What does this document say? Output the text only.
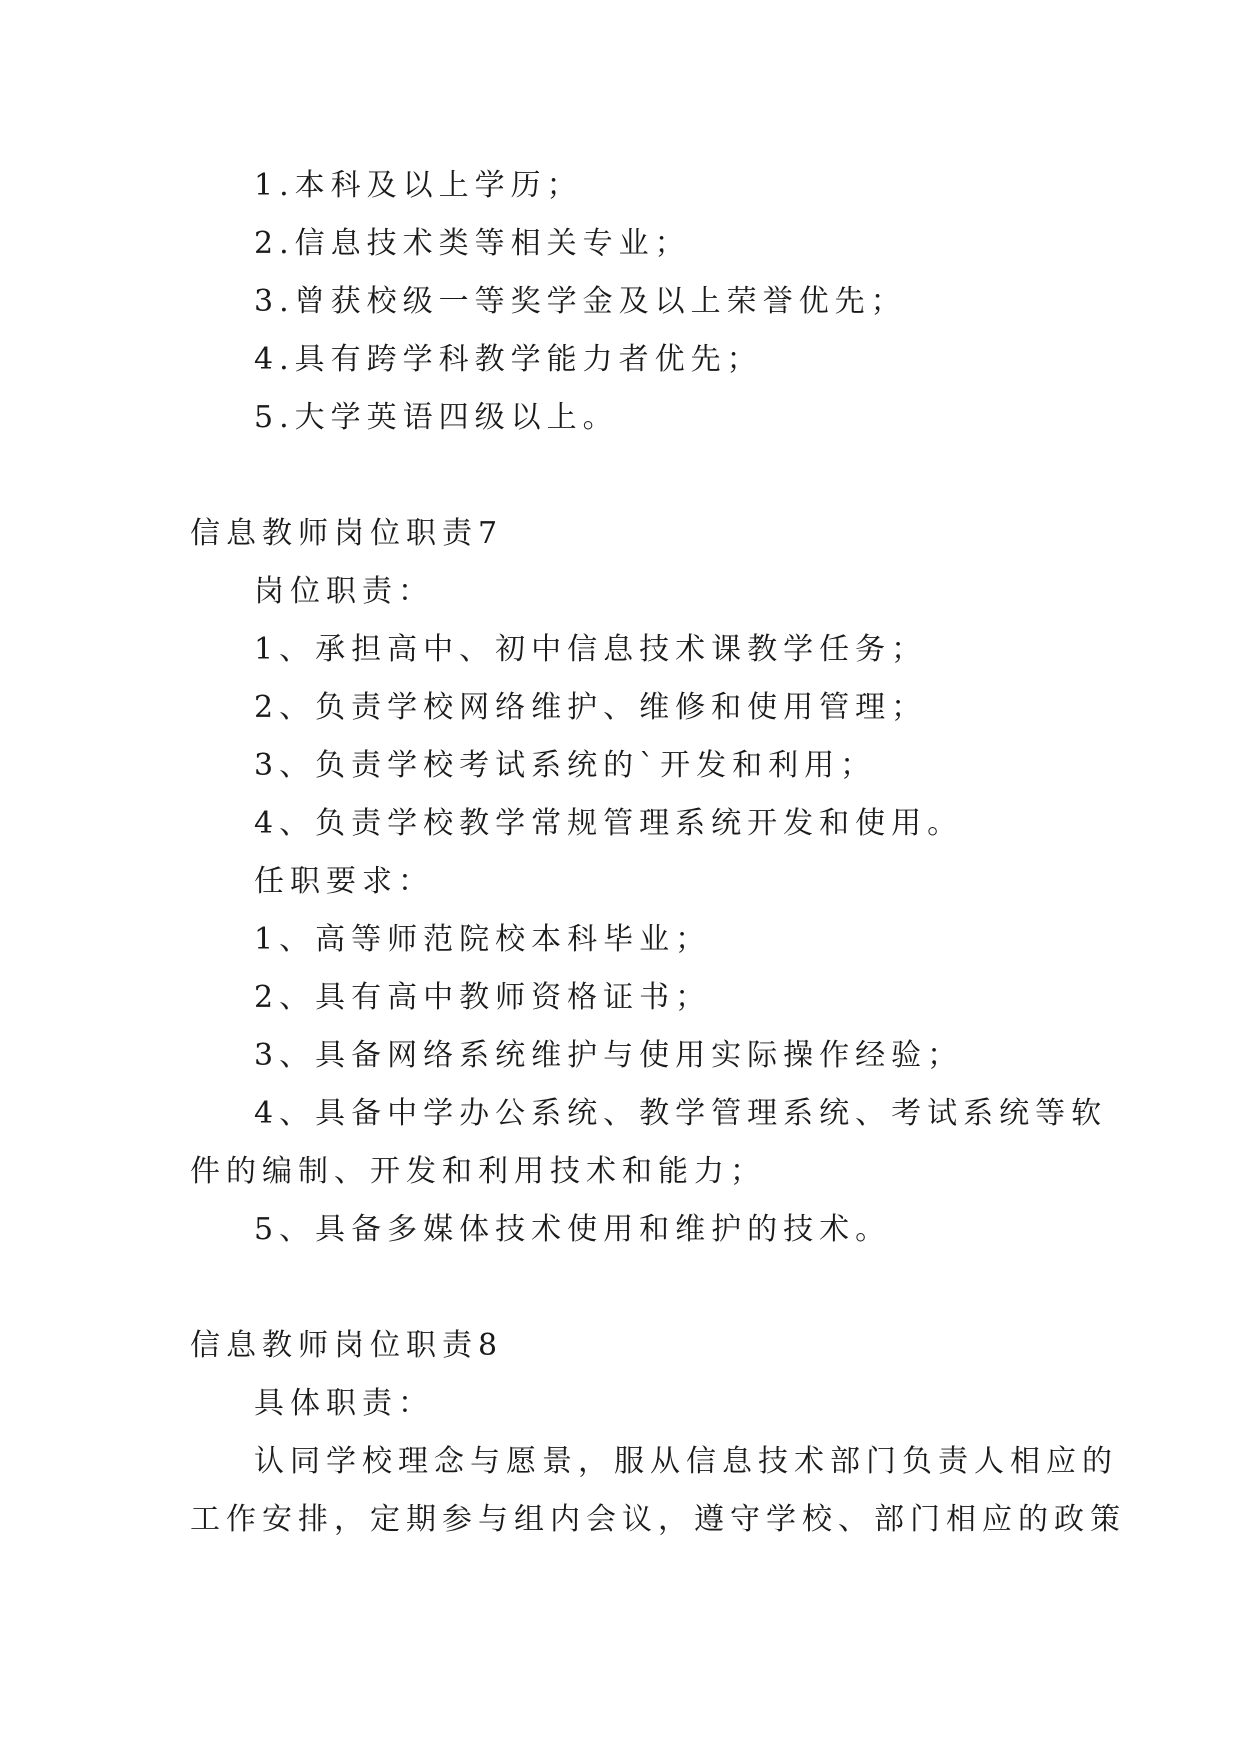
1.本科及以上学历；
2.信息技术类等相关专业；
3.曾获校级一等奖学金及以上荣誉优先；
4.具有跨学科教学能力者优先；
5.大学英语四级以上。
信息教师岗位职责7
岗位职责：
1、承担高中、初中信息技术课教学任务；
2、负责学校网络维护、维修和使用管理；
3、负责学校考试系统的`开发和利用；
4、负责学校教学常规管理系统开发和使用。
任职要求：
1、高等师范院校本科毕业；
2、具有高中教师资格证书；
3、具备网络系统维护与使用实际操作经验；
4、具备中学办公系统、教学管理系统、考试系统等软
件的编制、开发和利用技术和能力；
5、具备多媒体技术使用和维护的技术。
信息教师岗位职责8
具体职责：
认同学校理念与愿景，服从信息技术部门负责人相应的
工作安排，定期参与组内会议，遵守学校、部门相应的政策
